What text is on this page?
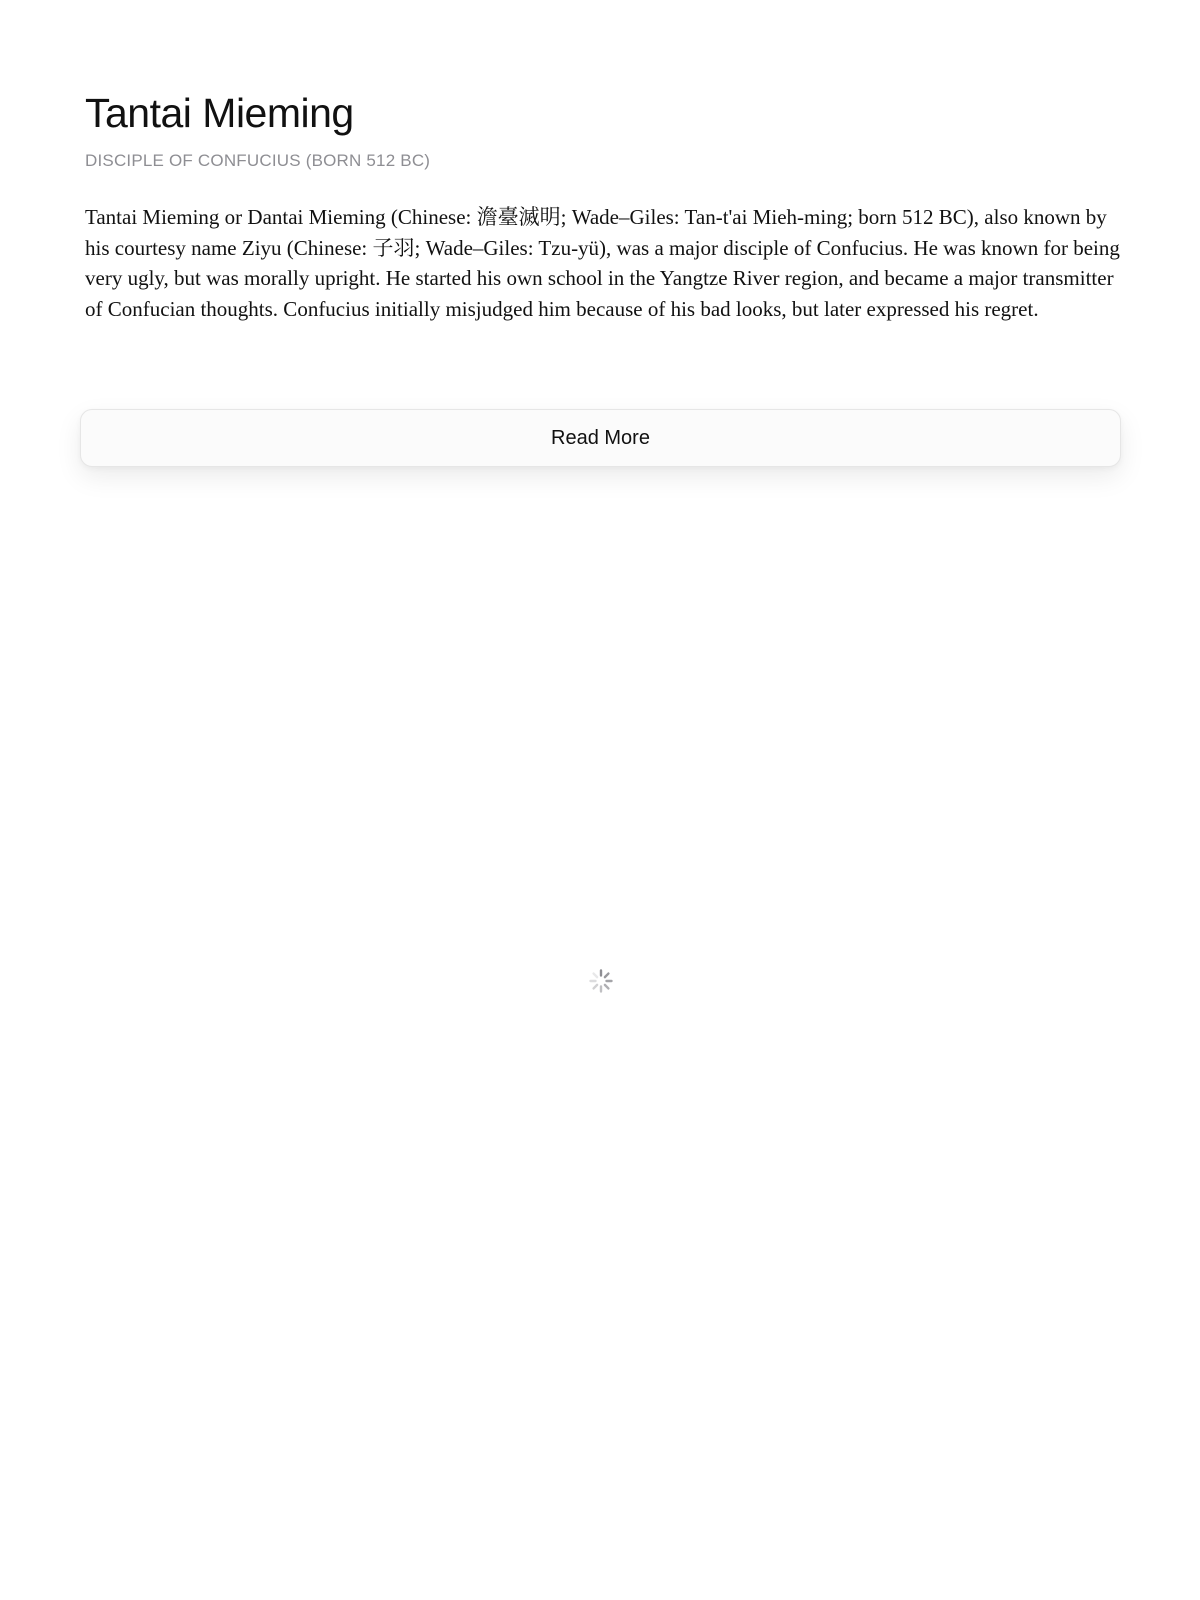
Tantai Mieming
DISCIPLE OF CONFUCIUS (BORN 512 BC)

Tantai Mieming or Dantai Mieming (Chinese: 澹臺滅明; Wade–Giles: Tan-t'ai Mieh-ming; born 512 BC), also known by his courtesy name Ziyu (Chinese: 子羽; Wade–Giles: Tzu-yü), was a major disciple of Confucius. He was known for being very ugly, but was morally upright. He started his own school in the Yangtze River region, and became a major transmitter of Confucian thoughts. Confucius initially misjudged him because of his bad looks, but later expressed his regret.

Read More
